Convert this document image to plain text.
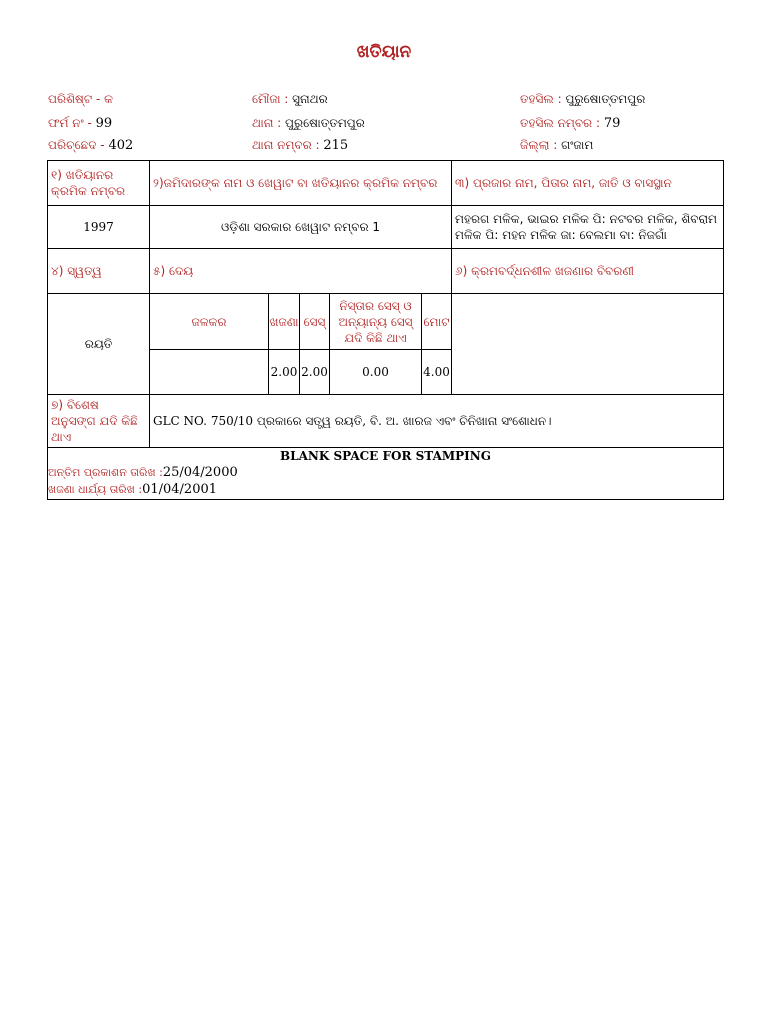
ଖତିୟାନ
ପରିଶିଷ୍ଟ - କ
ଫର୍ମ ନଂ - 99
ପରିଚ୍ଛେଦ - 402
ମୌଜା : ସୁନାଥର
ଥାନା : ପୁରୁଷୋତ୍ତମପୁର
ଥାନା ନମ୍ବର : 215
ତହସିଲ : ପୁରୁଷୋତ୍ତମପୁର
ତହସିଲ ନମ୍ବର : 79
ଜିଲ୍ଲା : ଗଂଜାମ
୧) ଖତିୟାନର କ୍ରମିକ ନମ୍ବର	୨)ଜମିଦାରଙ୍କ ନାମ ଓ ଖେୱାଟ ବା ଖତିୟାନର କ୍ରମିକ ନମ୍ବର					୩) ପ୍ରଜାର ନାମ, ପିତାର ନାମ, ଜାତି ଓ ବାସସ୍ଥାନ
1997	ଓଡ଼ିଶା ସରକାର ଖେୱାଟ ନମ୍ବର 1					ମହରଗ ମଳିକ, ଭାଇର ମଳିକ ପି: ନଟବର ମଳିକ, ଶିବରାମ ମଳିକ ପି: ମହନ ମଳିକ ଜା: ବେଲମା ବା: ନିଜଗାଁ
୪) ସ୍ୱତ୍ୱ	୫) ଦେୟ					୬) କ୍ରମବର୍ଦ୍ଧନଶୀଳ ଖଜଣାର ବିବରଣୀ
ରୟତି	ଜଳକର	ଖଜଣା	ସେସ୍	ନିସ୍ତାର ସେସ୍ ଓ ଅନ୍ୟାନ୍ୟ ସେସ୍ ଯଦି କିଛି ଥାଏ	ମୋଟ	
		2.00	2.00	0.00	4.00	
୭) ବିଶେଷ ଅନୁସଙ୍ଗ ଯଦି କିଛି ଥାଏ	GLC NO. 750/10 ପ୍ରକାରେ ସତ୍ତ୍ୱ ରୟତି, ବି. ଅ. ଖାରଜ ଏବଂ ଚିନିଖାନା ସଂଶୋଧନ।					

BLANK SPACE FOR STAMPING
ଅନ୍ତିମ ପ୍ରକାଶନ ତାରିଖ :25/04/2000
ଖଜଣା ଧାର୍ଯ୍ୟ ତାରିଖ :01/04/2001						
